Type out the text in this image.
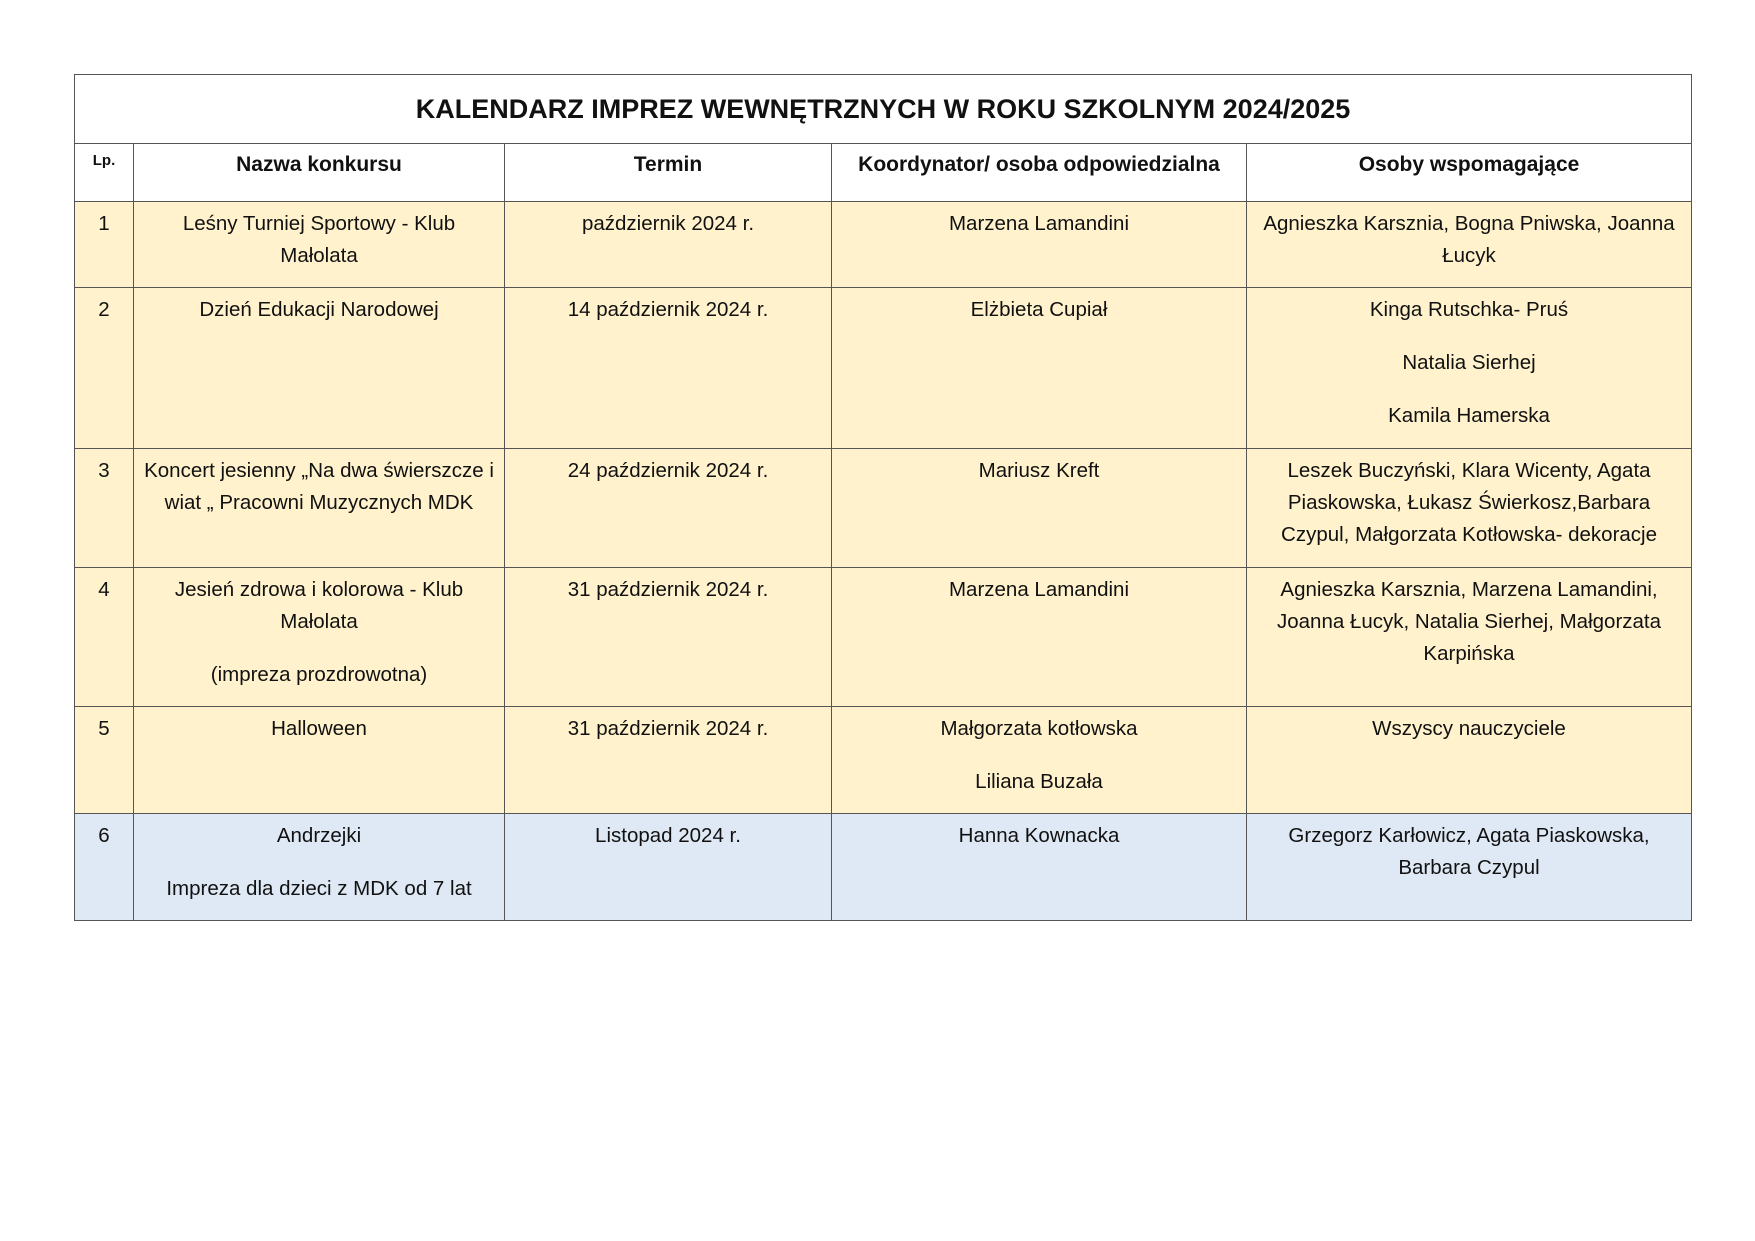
KALENDARZ IMPREZ WEWNĘTRZNYCH W ROKU SZKOLNYM 2024/2025				

Lp.	Nazwa konkursu	Termin	Koordynator/ osoba odpowiedzialna	Osoby wspomagające

1	Leśny Turniej Sportowy - Klub Małolata	październik 2024 r.	Marzena Lamandini	Agnieszka Karsznia, Bogna Pniwska, Joanna Łucyk

2	Dzień Edukacji Narodowej	14 październik 2024 r.	Elżbieta Cupiał	Kinga Rutschka- Pruś

Natalia Sierhej

Kamila Hamerska

3	Koncert jesienny „Na dwa świerszcze i wiat „ Pracowni Muzycznych MDK	24 październik 2024 r.	Mariusz Kreft	Leszek Buczyński, Klara Wicenty, Agata Piaskowska, Łukasz Świerkosz,Barbara Czypul, Małgorzata Kotłowska- dekoracje

4	Jesień zdrowa i kolorowa - Klub Małolata

(impreza prozdrowotna)	31 październik 2024 r.	Marzena Lamandini	Agnieszka Karsznia, Marzena Lamandini, Joanna Łucyk, Natalia Sierhej, Małgorzata Karpińska

5	Halloween	31 październik 2024 r.	Małgorzata kotłowska

Liliana Buzała	Wszyscy nauczyciele

6	Andrzejki

Impreza dla dzieci z MDK od 7 lat	Listopad 2024 r.	Hanna Kownacka	Grzegorz Karłowicz, Agata Piaskowska, Barbara Czypul
